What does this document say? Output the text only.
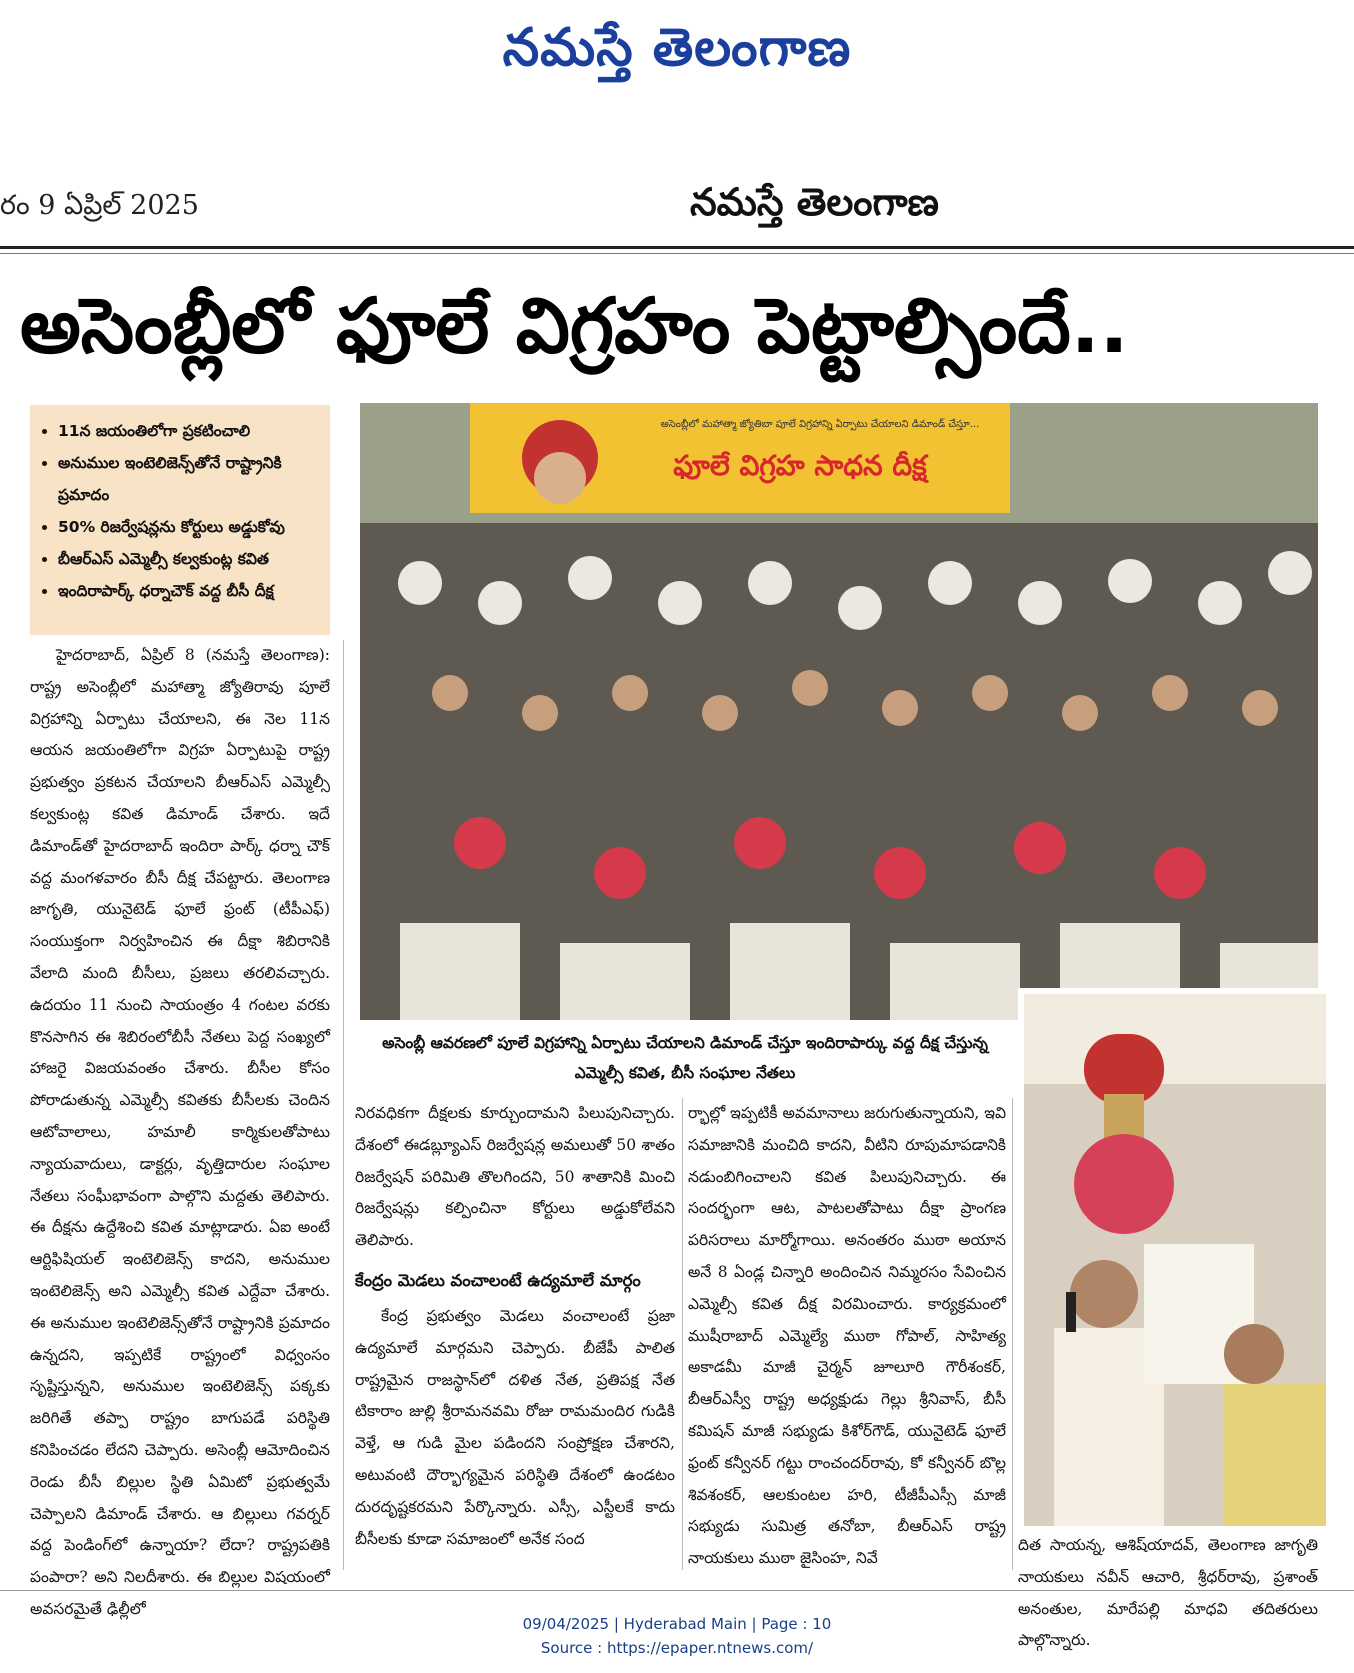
నమస్తే తెలంగాణ
రం 9 ఏప్రిల్ 2025	నమస్తే తెలంగాణ
అసెంబ్లీలో ఫూలే విగ్రహం పెట్టాల్సిందే..
• 11న జయంతిలోగా ప్రకటించాలి
• అనుముల ఇంటెలిజెన్స్‌తోనే రాష్ట్రానికి ప్రమాదం
• 50% రిజర్వేషన్లను కోర్టులు అడ్డుకోవు
• బీఆర్ఎస్ ఎమ్మెల్సీ కల్వకుంట్ల కవిత
• ఇందిరాపార్క్ ధర్నాచౌక్ వద్ద బీసీ దీక్ష

హైదరాబాద్, ఏప్రిల్ 8 (నమస్తే తెలంగాణ): రాష్ట్ర అసెంబ్లీలో మహాత్మా జ్యోతిరావు పూలే విగ్రహాన్ని ఏర్పాటు చేయాలని, ఈ నెల 11న ఆయన జయంతిలోగా విగ్రహ ఏర్పాటుపై రాష్ట్ర ప్రభుత్వం ప్రకటన చేయాలని బీఆర్ఎస్ ఎమ్మెల్సీ కల్వకుంట్ల కవిత డిమాండ్ చేశారు. ఇదే డిమాండ్‌తో హైదరాబాద్ ఇందిరా పార్క్ ధర్నా చౌక్ వద్ద మంగళవారం బీసీ దీక్ష చేపట్టారు. తెలంగాణ జాగృతి, యునైటెడ్ ఫూలే ఫ్రంట్ (టీపీఎఫ్) సంయుక్తంగా నిర్వహించిన ఈ దీక్షా శిబిరానికి వేలాది మంది బీసీలు, ప్రజలు తరలివచ్చారు. ఉదయం 11 నుంచి సాయంత్రం 4 గంటల వరకు కొనసాగిన ఈ శిబిరంలోబీసీ నేతలు పెద్ద సంఖ్యలో హాజరై విజయవంతం చేశారు. బీసీల కోసం పోరాడుతున్న ఎమ్మెల్సీ కవితకు బీసీలకు చెందిన ఆటోవాలాలు, హమాలీ కార్మికులతోపాటు న్యాయవాదులు, డాక్టర్లు, వృత్తిదారుల సంఘాల నేతలు సంఘీభావంగా పాల్గొని మద్దతు తెలిపారు. ఈ దీక్షను ఉద్దేశించి కవిత మాట్లాడారు. ఏఐ అంటే ఆర్టిఫిషియల్ ఇంటెలిజెన్స్ కాదని, అనుముల ఇంటెలిజెన్స్ అని ఎమ్మెల్సీ కవిత ఎద్దేవా చేశారు. ఈ అనుముల ఇంటెలిజెన్స్‌తోనే రాష్ట్రానికి ప్రమాదం ఉన్నదని, ఇప్పటికే రాష్ట్రంలో విధ్వంసం సృష్టిస్తున్నని, అనుముల ఇంటెలిజెన్స్ పక్కకు జరిగితే తప్పా రాష్ట్రం బాగుపడే పరిస్థితి కనిపించడం లేదని చెప్పారు. అసెంబ్లీ ఆమోదించిన రెండు బీసీ బిల్లుల స్థితి ఏమిటో ప్రభుత్వమే చెప్పాలని డిమాండ్ చేశారు. ఆ బిల్లులు గవర్నర్ వద్ద పెండింగ్‌లో ఉన్నాయా? లేదా? రాష్ట్రపతికి పంపారా? అని నిలదీశారు. ఈ బిల్లుల విషయంలో అవసరమైతే ఢిల్లీలో

అసెంబ్లీలో మహాత్మా జ్యోతిబా పూలే విగ్రహాన్ని ఏర్పాటు చేయాలని డిమాండ్ చేస్తూ...
ఫూలే విగ్రహ సాధన దీక్ష
అసెంబ్లీ ఆవరణలో పూలే విగ్రహాన్ని ఏర్పాటు చేయాలని డిమాండ్ చేస్తూ ఇందిరాపార్కు వద్ద దీక్ష చేస్తున్న ఎమ్మెల్సీ కవిత, బీసీ సంఘాల నేతలు

నిరవధికగా దీక్షలకు కూర్చుందామని పిలుపునిచ్చారు. దేశంలో ఈడబ్ల్యూఎస్ రిజర్వేషన్ల అమలుతో 50 శాతం రిజర్వేషన్ పరిమితి తొలగిందని, 50 శాతానికి మించి రిజర్వేషన్లు కల్పించినా కోర్టులు అడ్డుకోలేవని తెలిపారు.

కేంద్రం మెడలు వంచాలంటే ఉద్యమాలే మార్గం

కేంద్ర ప్రభుత్వం మెడలు వంచాలంటే ప్రజా ఉద్యమాలే మార్గమని చెప్పారు. బీజేపీ పాలిత రాష్ట్రమైన రాజస్థాన్‌లో దళిత నేత, ప్రతిపక్ష నేత టికారాం జుల్లి శ్రీరామనవమి రోజు రామమందిర గుడికి వెళ్తే, ఆ గుడి మైల పడిందని సంప్రోక్షణ చేశారని, అటువంటి దౌర్భాగ్యమైన పరిస్థితి దేశంలో ఉండటం దురదృష్టకరమని పేర్కొన్నారు. ఎస్సీ, ఎస్టీలకే కాదు బీసీలకు కూడా సమాజంలో అనేక సంద

ర్భాల్లో ఇప్పటికీ అవమానాలు జరుగుతున్నాయని, ఇవి సమాజానికి మంచిది కాదని, వీటిని రూపుమాపడానికి నడుంబిగించాలని కవిత పిలుపునిచ్చారు. ఈ సందర్భంగా ఆట, పాటలతోపాటు దీక్షా ప్రాంగణ పరిసరాలు మార్మోగాయి. అనంతరం ముఠా అయాన అనే 8 ఏండ్ల చిన్నారి అందించిన నిమ్మరసం సేవించిన ఎమ్మెల్సీ కవిత దీక్ష విరమించారు. కార్యక్రమంలో ముషీరాబాద్ ఎమ్మెల్యే ముఠా గోపాల్, సాహిత్య అకాడమీ మాజీ చైర్మన్ జూలూరి గౌరీశంకర్, బీఆర్ఎస్వీ రాష్ట్ర అధ్యక్షుడు గెల్లు శ్రీనివాస్, బీసీ కమిషన్ మాజీ సభ్యుడు కిశోర్‌గౌడ్, యునైటెడ్ ఫూలే ఫ్రంట్ కన్వీనర్ గట్టు రాంచందర్‌రావు, కో కన్వీనర్ బొల్ల శివశంకర్, ఆలకుంటల హరి, టీజీపీఎస్సీ మాజీ సభ్యుడు సుమిత్ర తనోబా, బీఆర్ఎస్ రాష్ట్ర నాయకులు ముఠా జైసింహ, నివే

దిత సాయన్న, ఆశిష్‌యాదవ్, తెలంగాణ జాగృతి నాయకులు నవీన్ ఆచారి, శ్రీధర్‌రావు, ప్రశాంత్ అనంతుల, మారేపల్లి మాధవి తదితరులు పాల్గొన్నారు.

09/04/2025 | Hyderabad Main | Page : 10
Source : https://epaper.ntnews.com/
